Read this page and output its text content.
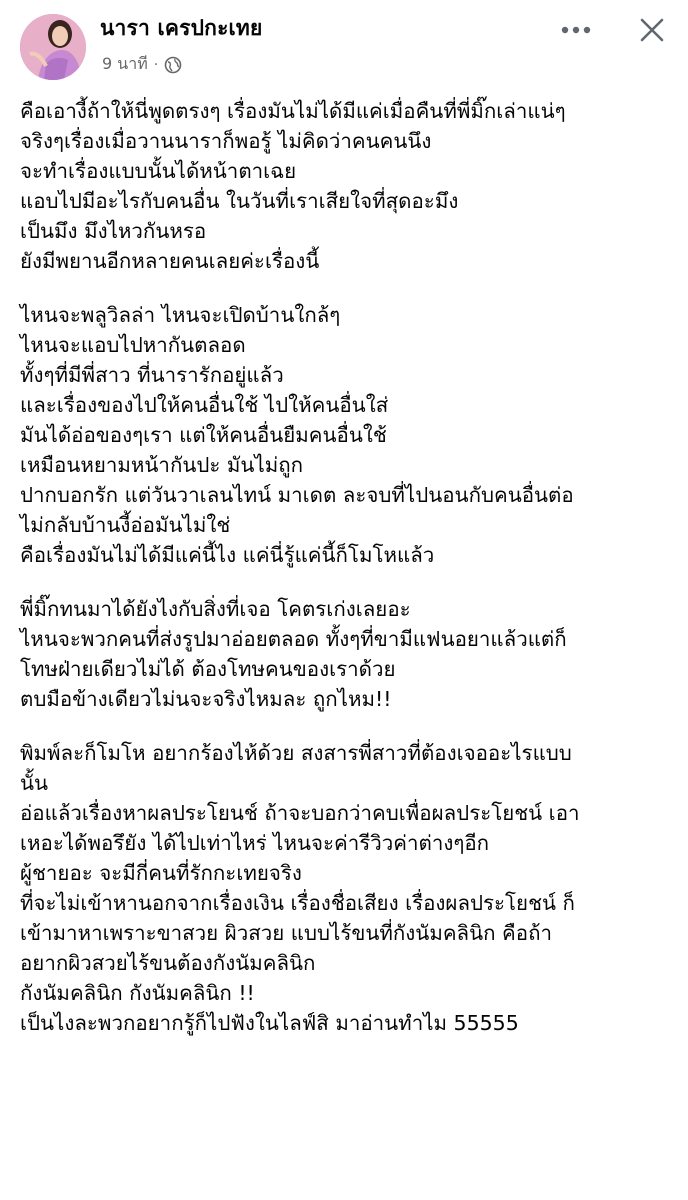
นารา เครปกะเทย
9 นาที ·
คือเอางี้ถ้าให้นี่พูดตรงๆ เรื่องมันไม่ได้มีแค่เมื่อคืนที่พี่มิ๊กเล่าแน่ๆ
จริงๆเรื่องเมื่อวานนาราก็พอรู้ ไม่คิดว่าคนคนนึง
จะทำเรื่องแบบนั้นได้หน้าตาเฉย
แอบไปมีอะไรกับคนอื่น ในวันที่เราเสียใจที่สุดอะมึง
เป็นมึง มึงไหวกันหรอ
ยังมีพยานอีกหลายคนเลยค่ะเรื่องนี้
ไหนจะพลูวิลล่า ไหนจะเปิดบ้านใกล้ๆ
ไหนจะแอบไปหากันตลอด
ทั้งๆที่มีพี่สาว ที่นารารักอยู่แล้ว
และเรื่องของไปให้คนอื่นใช้ ไปให้คนอื่นใส่
มันได้อ่อของๆเรา แต่ให้คนอื่นยืมคนอื่นใช้
เหมือนหยามหน้ากันปะ มันไม่ถูก
ปากบอกรัก แต่วันวาเลนไทน์ มาเดต ละจบที่ไปนอนกับคนอื่นต่อ
ไม่กลับบ้านงี้อ่อมันไม่ใช่
คือเรื่องมันไม่ได้มีแค่นี้ไง แค่นี่รู้แค่นี้ก็โมโหแล้ว
พี่มิ๊กทนมาได้ยังไงกับสิ่งที่เจอ โคตรเก่งเลยอะ
ไหนจะพวกคนที่ส่งรูปมาอ่อยตลอด ทั้งๆที่ขามีแฟนอยาแล้วแต่ก็
โทษฝ่ายเดียวไม่ได้ ต้องโทษคนของเราด้วย
ตบมือข้างเดียวไม่นจะจริงไหมละ ถูกไหม!!
พิมพ์ละก็โมโห อยากร้องไห้ด้วย สงสารพี่สาวที่ต้องเจออะไรแบบ
นั้น
อ่อแล้วเรื่องหาผลประโยนช์ ถ้าจะบอกว่าคบเพื่อผลประโยชน์ เอา
เหอะได้พอรึยัง ได้ไปเท่าไหร่ ไหนจะค่ารีวิวค่าต่างๆอีก
ผู้ชายอะ จะมีกี่คนที่รักกะเทยจริง
ที่จะไม่เข้าหานอกจากเรื่องเงิน เรื่องชื่อเสียง เรื่องผลประโยชน์ ก็
เข้ามาหาเพราะขาสวย ผิวสวย แบบไร้ขนที่กังนัมคลินิก คือถ้า
อยากผิวสวยไร้ขนต้องกังนัมคลินิก
กังนัมคลินิก กังนัมคลินิก !!
เป็นไงละพวกอยากรู้ก็ไปฟังในไลฟ์สิ มาอ่านทำไม 55555
